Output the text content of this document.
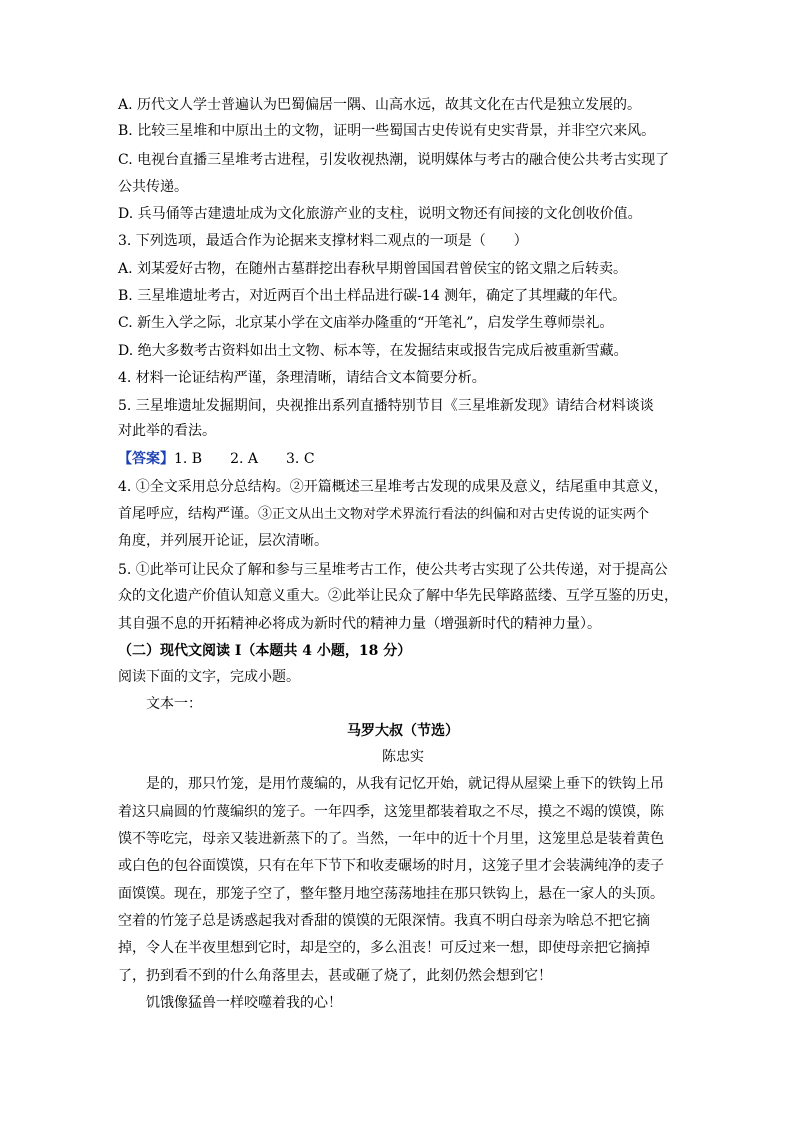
A. 历代文人学士普遍认为巴蜀偏居一隅、山高水远，故其文化在古代是独立发展的。
B. 比较三星堆和中原出土的文物，证明一些蜀国古史传说有史实背景，并非空穴来风。
C. 电视台直播三星堆考古进程，引发收视热潮，说明媒体与考古的融合使公共考古实现了
公共传递。
D. 兵马俑等古建遗址成为文化旅游产业的支柱，说明文物还有间接的文化创收价值。
3. 下列选项，最适合作为论据来支撑材料二观点的一项是（　　）
A. 刘某爱好古物，在随州古墓群挖出春秋早期曾国国君曾侯宝的铭文鼎之后转卖。
B. 三星堆遗址考古，对近两百个出土样品进行碳-14 测年，确定了其埋藏的年代。
C. 新生入学之际，北京某小学在文庙举办隆重的“开笔礼”，启发学生尊师崇礼。
D. 绝大多数考古资料如出土文物、标本等，在发掘结束或报告完成后被重新雪藏。
4. 材料一论证结构严谨，条理清晰，请结合文本简要分析。
5. 三星堆遗址发掘期间，央视推出系列直播特别节目《三星堆新发现》请结合材料谈谈
对此举的看法。
【答案】1. B　　2. A　　3. C
4. ①全文采用总分总结构。②开篇概述三星堆考古发现的成果及意义，结尾重申其意义，
首尾呼应，结构严谨。③正文从出土文物对学术界流行看法的纠偏和对古史传说的证实两个
角度，并列展开论证，层次清晰。
5. ①此举可让民众了解和参与三星堆考古工作，使公共考古实现了公共传递，对于提高公
众的文化遗产价值认知意义重大。②此举让民众了解中华先民筚路蓝缕、互学互鉴的历史，
其自强不息的开拓精神必将成为新时代的精神力量（增强新时代的精神力量）。
（二）现代文阅读 I（本题共 4 小题，18 分）
阅读下面的文字，完成小题。
文本一：
马罗大叔（节选）
陈忠实
是的，那只竹笼，是用竹蔑编的，从我有记忆开始，就记得从屋梁上垂下的铁钩上吊
着这只扁圆的竹蔑编织的笼子。一年四季，这笼里都装着取之不尽，摸之不竭的馍馍，陈
馍不等吃完，母亲又装进新蒸下的了。当然，一年中的近十个月里，这笼里总是装着黄色
或白色的包谷面馍馍，只有在年下节下和收麦碾场的时月，这笼子里才会装满纯净的麦子
面馍馍。现在，那笼子空了，整年整月地空荡荡地挂在那只铁钩上，悬在一家人的头顶。
空着的竹笼子总是诱惑起我对香甜的馍馍的无限深情。我真不明白母亲为啥总不把它摘
掉，令人在半夜里想到它时，却是空的，多么沮丧！可反过来一想，即使母亲把它摘掉
了，扔到看不到的什么角落里去，甚或砸了烧了，此刻仍然会想到它！
饥饿像猛兽一样咬噬着我的心！
